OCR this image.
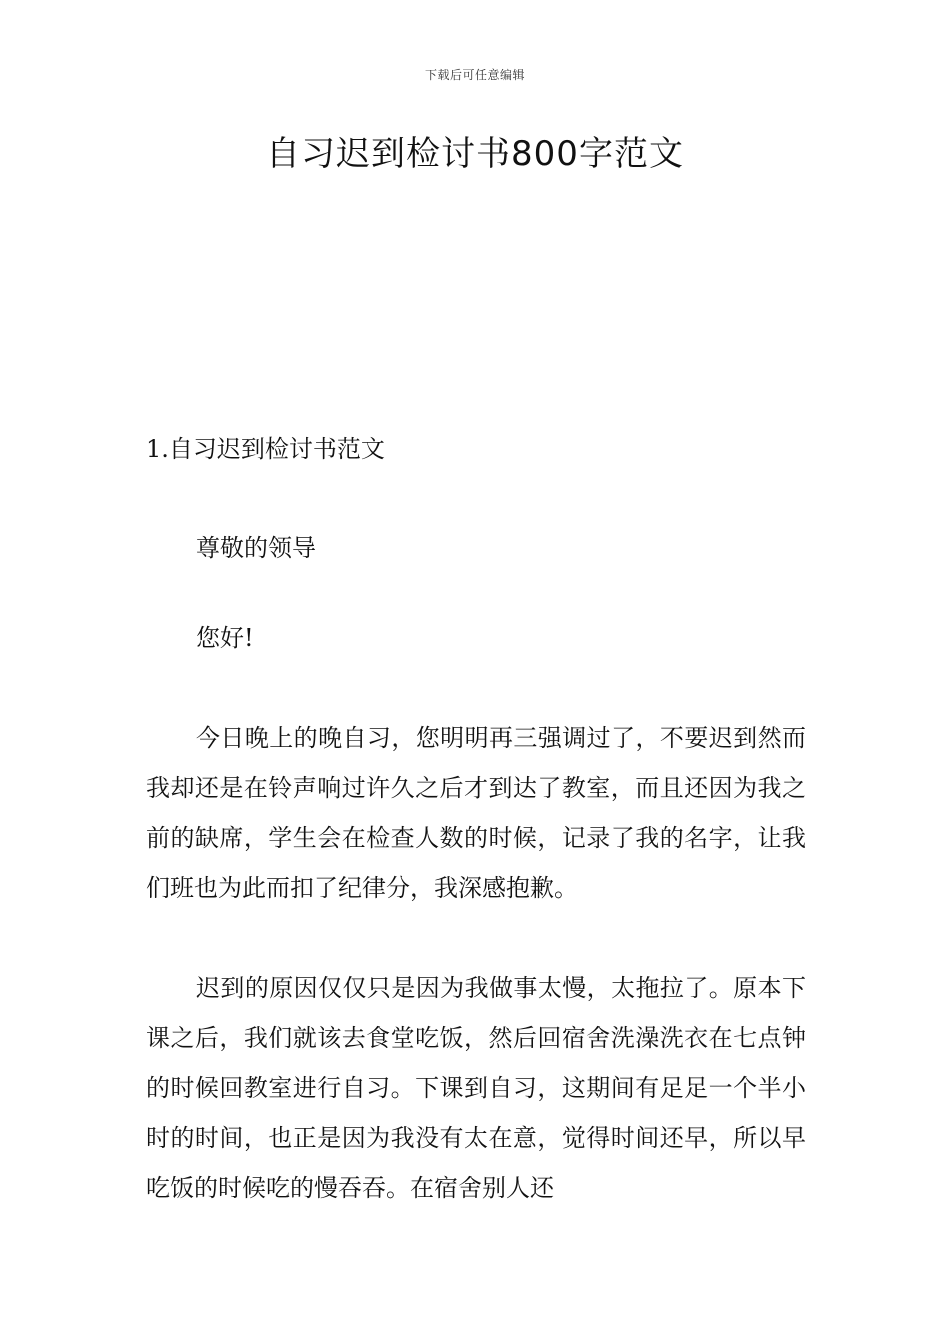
下载后可任意编辑
自习迟到检讨书800字范文
1.自习迟到检讨书范文

尊敬的领导

您好!

今日晚上的晚自习，您明明再三强调过了，不要迟到然而我却还是在铃声响过许久之后才到达了教室，而且还因为我之前的缺席，学生会在检查人数的时候，记录了我的名字，让我们班也为此而扣了纪律分，我深感抱歉。

迟到的原因仅仅只是因为我做事太慢，太拖拉了。原本下课之后，我们就该去食堂吃饭，然后回宿舍洗澡洗衣在七点钟的时候回教室进行自习。下课到自习，这期间有足足一个半小时的时间，也正是因为我没有太在意，觉得时间还早，所以早吃饭的时候吃的慢吞吞。在宿舍别人还
